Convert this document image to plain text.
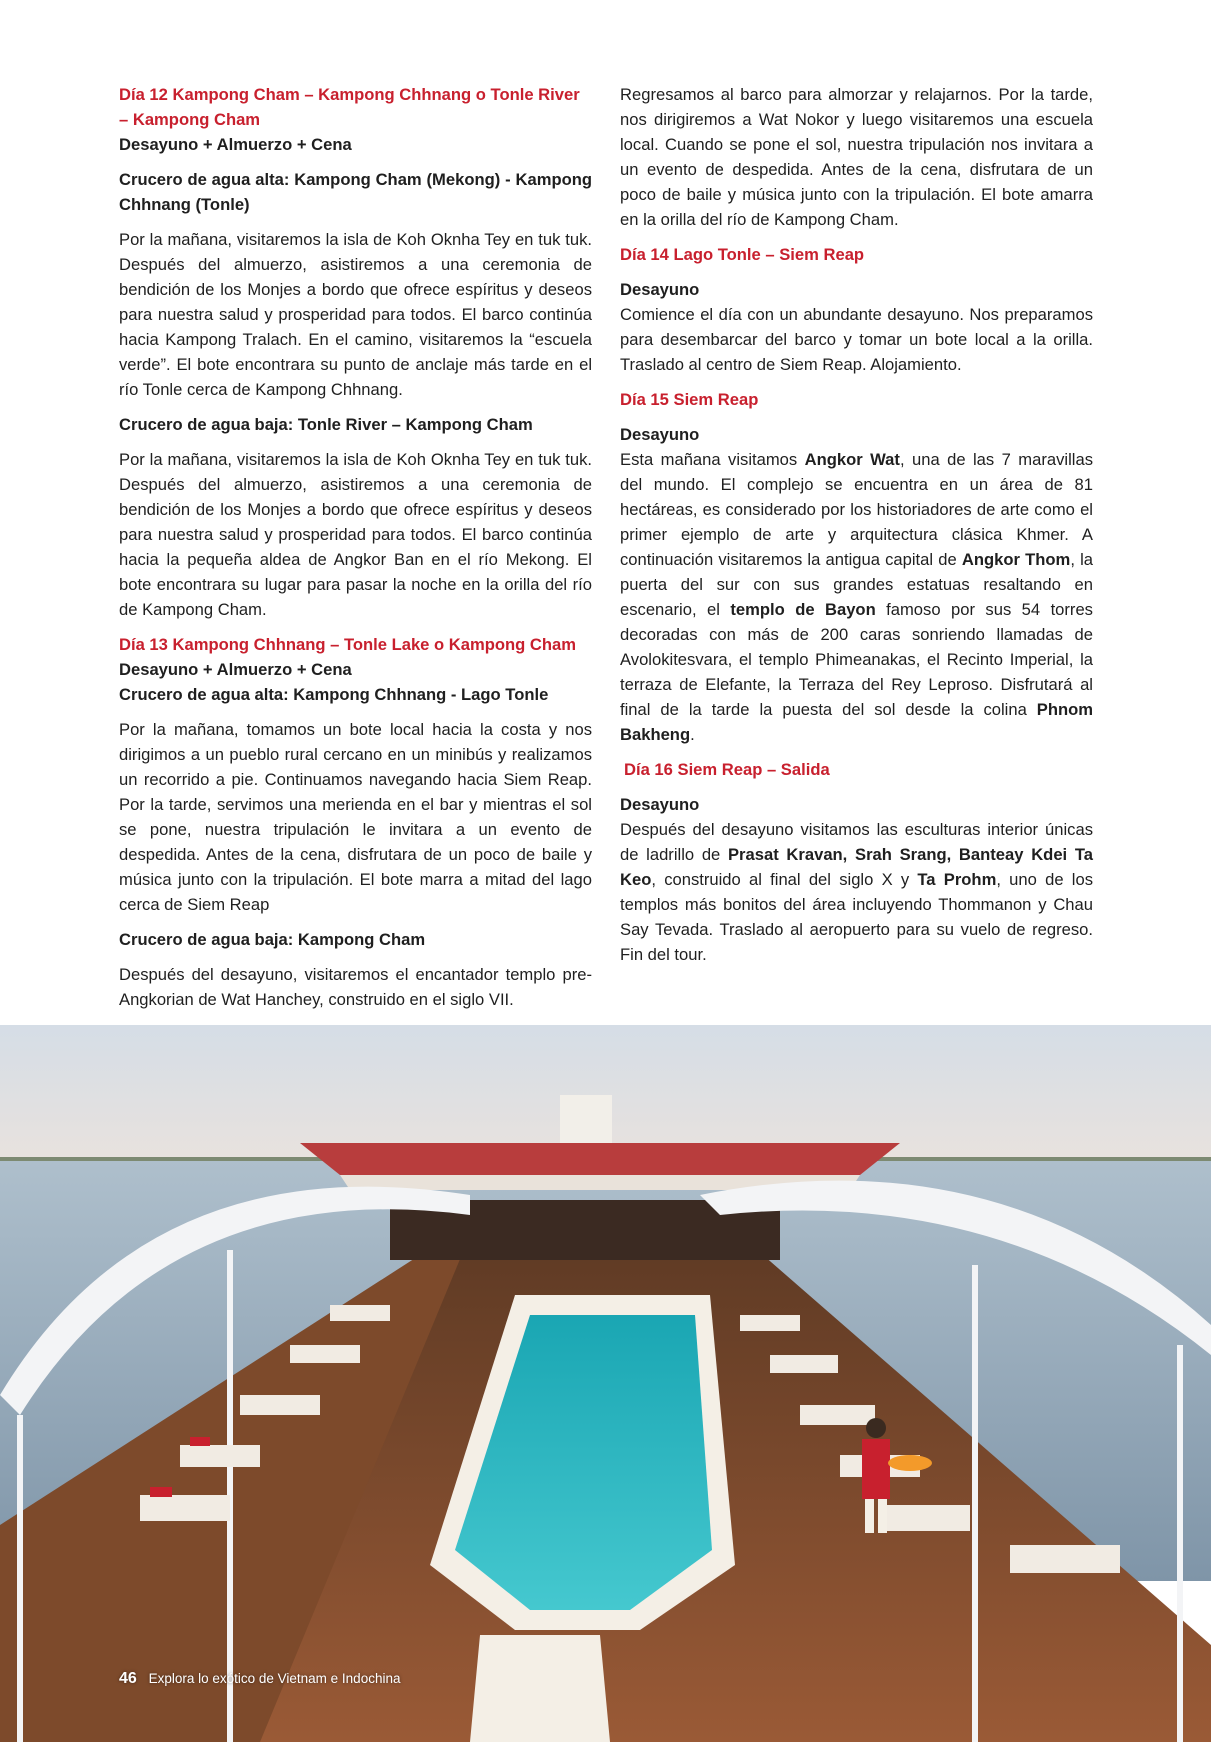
Día 12 Kampong Cham – Kampong Chhnang o Tonle River – Kampong Cham

Desayuno + Almuerzo + Cena

Crucero de agua alta: Kampong Cham (Mekong) - Kampong Chhnang (Tonle)

Por la mañana, visitaremos la isla de Koh Oknha Tey en tuk tuk. Después del almuerzo, asistiremos a una ceremonia de bendición de los Monjes a bordo que ofrece espíritus y deseos para nuestra salud y prosperidad para todos. El barco continúa hacia Kampong Tralach. En el camino, visitaremos la “escuela verde”. El bote encontrara su punto de anclaje más tarde en el río Tonle cerca de Kampong Chhnang.

Crucero de agua baja: Tonle River – Kampong Cham

Por la mañana, visitaremos la isla de Koh Oknha Tey en tuk tuk. Después del almuerzo, asistiremos a una ceremonia de bendición de los Monjes a bordo que ofrece espíritus y deseos para nuestra salud y prosperidad para todos. El barco continúa hacia la pequeña aldea de Angkor Ban en el río Mekong. El bote encontrara su lugar para pasar la noche en la orilla del río de Kampong Cham.

Día 13 Kampong Chhnang – Tonle Lake o Kampong Cham

Desayuno + Almuerzo + Cena

Crucero de agua alta: Kampong Chhnang - Lago Tonle

Por la mañana, tomamos un bote local hacia la costa y nos dirigimos a un pueblo rural cercano en un minibús y realizamos un recorrido a pie. Continuamos navegando hacia Siem Reap. Por la tarde, servimos una merienda en el bar y mientras el sol se pone, nuestra tripulación le invitara a un evento de despedida. Antes de la cena, disfrutara de un poco de baile y música junto con la tripulación. El bote marra a mitad del lago cerca de Siem Reap

Crucero de agua baja: Kampong Cham

Después del desayuno, visitaremos el encantador templo pre-Angkorian de Wat Hanchey, construido en el siglo VII.

Regresamos al barco para almorzar y relajarnos. Por la tarde, nos dirigiremos a Wat Nokor y luego visitaremos una escuela local. Cuando se pone el sol, nuestra tripulación nos invitara a un evento de despedida. Antes de la cena, disfrutara de un poco de baile y música junto con la tripulación. El bote amarra en la orilla del río de Kampong Cham.

Día 14 Lago Tonle – Siem Reap

Desayuno

Comience el día con un abundante desayuno. Nos preparamos para desembarcar del barco y tomar un bote local a la orilla. Traslado al centro de Siem Reap. Alojamiento.

Día 15 Siem Reap

Desayuno

Esta mañana visitamos Angkor Wat, una de las 7 maravillas del mundo. El complejo se encuentra en un área de 81 hectáreas, es considerado por los historiadores de arte como el primer ejemplo de arte y arquitectura clásica Khmer. A continuación visitaremos la antigua capital de Angkor Thom, la puerta del sur con sus grandes estatuas resaltando en escenario, el templo de Bayon famoso por sus 54 torres decoradas con más de 200 caras sonriendo llamadas de Avolokitesvara, el templo Phimeanakas, el Recinto Imperial, la terraza de Elefante, la Terraza del Rey Leproso. Disfrutará al final de la tarde la puesta del sol desde la colina Phnom Bakheng.

Día 16 Siem Reap – Salida

Desayuno

Después del desayuno visitamos las esculturas interior únicas de ladrillo de Prasat Kravan, Srah Srang, Banteay Kdei Ta Keo, construido al final del siglo X y Ta Prohm, uno de los templos más bonitos del área incluyendo Thommanon y Chau Say Tevada. Traslado al aeropuerto para su vuelo de regreso. Fin del tour.

46 Explora lo exótico de Vietnam e Indochina
